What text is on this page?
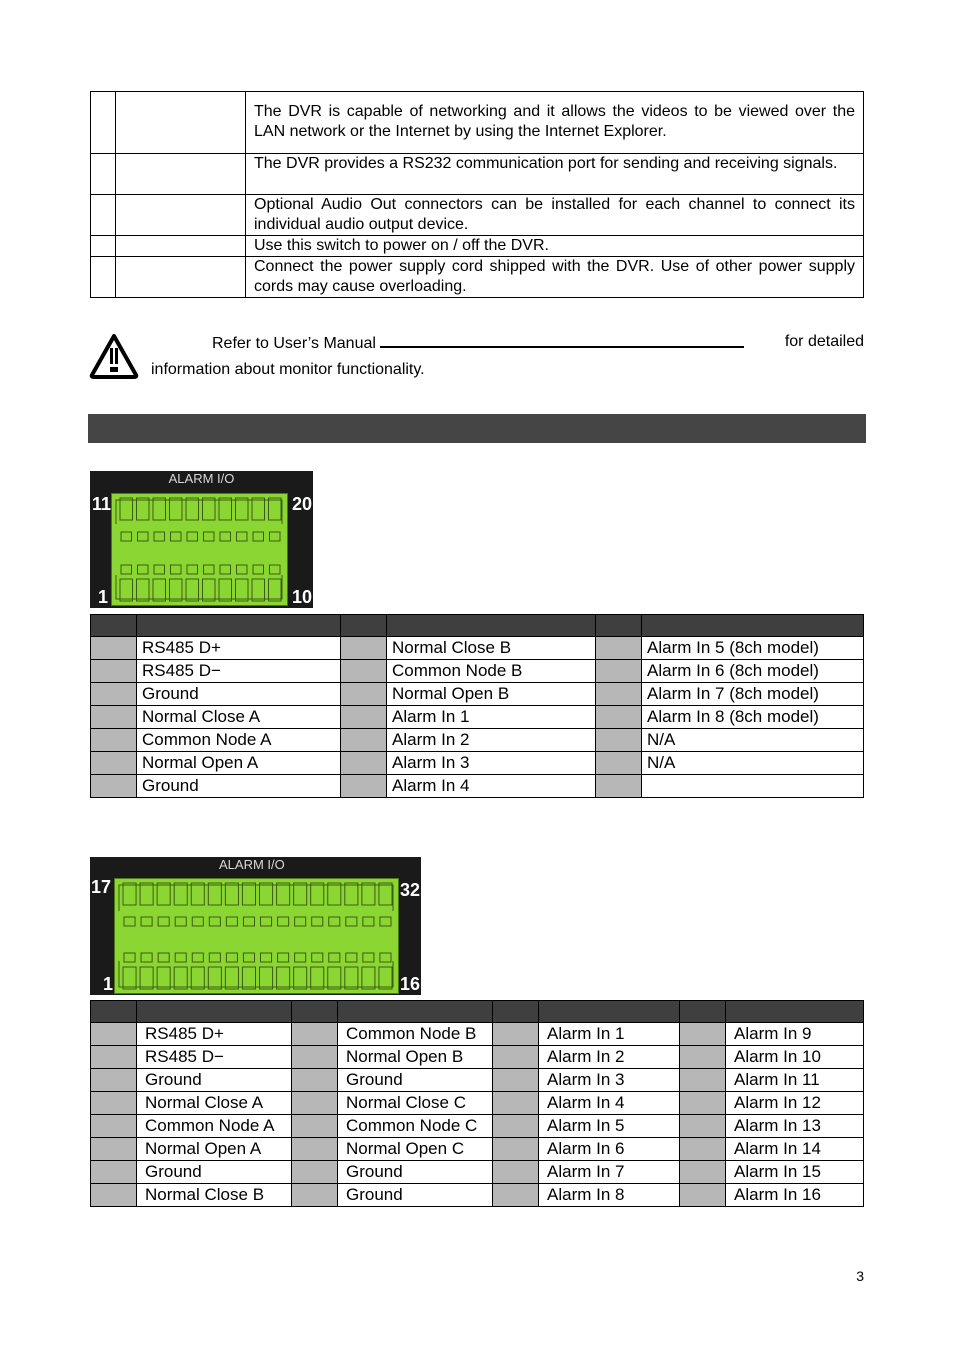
		The DVR is capable of networking and it allows the videos to be viewed over the LAN network or the Internet by using the Internet Explorer.
		The DVR provides a RS232 communication port for sending and receiving signals.
		Optional Audio Out connectors can be installed for each channel to connect its individual audio output device.
		Use this switch to power on / off the DVR.
		Connect the power supply cord shipped with the DVR. Use of other power supply cords may cause overloading.
Refer to User’s Manual	for detailed
information about monitor functionality.
ALARM I/O
11	20
1	10

	RS485 D+		Normal Close B		Alarm In 5 (8ch model)
	RS485 D−		Common Node B		Alarm In 6 (8ch model)
	Ground		Normal Open B		Alarm In 7 (8ch model)
	Normal Close A		Alarm In 1		Alarm In 8 (8ch model)
	Common Node A		Alarm In 2		N/A
	Normal Open A		Alarm In 3		N/A
	Ground		Alarm In 4		
ALARM I/O
17	32
1	16

	RS485 D+		Common Node B		Alarm In 1		Alarm In 9
	RS485 D−		Normal Open B		Alarm In 2		Alarm In 10
	Ground		Ground		Alarm In 3		Alarm In 11
	Normal Close A		Normal Close C		Alarm In 4		Alarm In 12
	Common Node A		Common Node C		Alarm In 5		Alarm In 13
	Normal Open A		Normal Open C		Alarm In 6		Alarm In 14
	Ground		Ground		Alarm In 7		Alarm In 15
	Normal Close B		Ground		Alarm In 8		Alarm In 16
3
